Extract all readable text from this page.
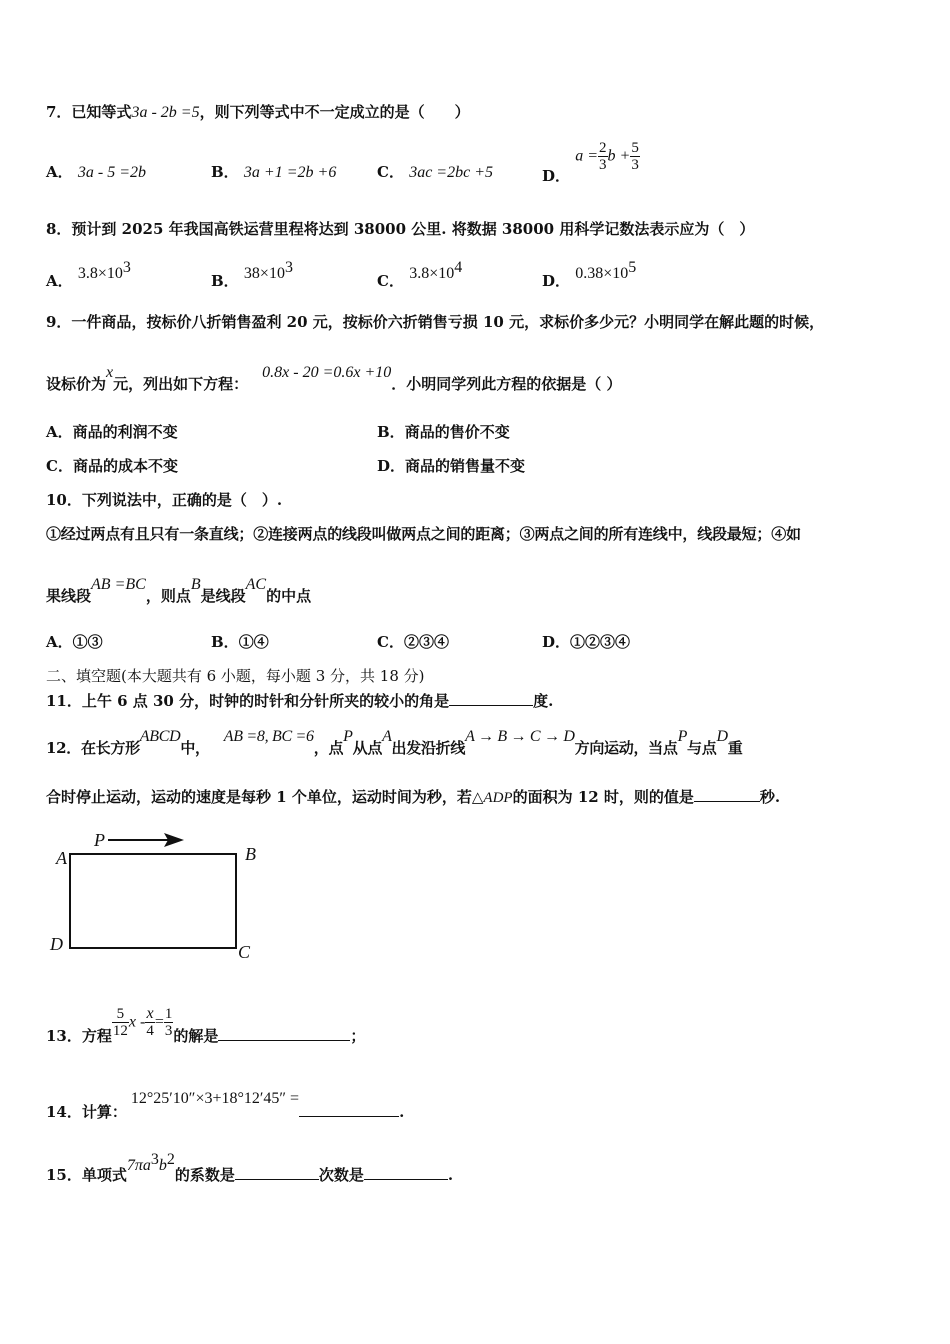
7．已知等式3a - 2b =5，则下列等式中不一定成立的是（　　）
A． 3a - 5 =2b	B． 3a +1 =2b +6	C． 3ac =2bc +5	D． $a = \frac{2}{3}$ $b + \frac{5}{3}$
8．预计到 2025 年我国高铁运营里程将达到 38000 公里. 将数据 38000 用科学记数法表示应为（　）
A． $3.8\times 10^3$
B． $38\times 10^3$
C． $3.8\times 10^4$
D． $0.38\times 10^5$
9．一件商品，按标价八折销售盈利 20 元，按标价六折销售亏损 10 元，求标价多少元？小明同学在解此题的时候，
设标价为x元，列出如下方程：0.8x - 20 =0.6x +10．小明同学列此方程的依据是（ ）
A．商品的利润不变	B．商品的售价不变
C．商品的成本不变	D．商品的销售量不变
10．下列说法中，正确的是（　）.
①经过两点有且只有一条直线；②连接两点的线段叫做两点之间的距离；③两点之间的所有连线中，线段最短；④如
果线段AB =BC，则点B是线段AC的中点
A．①③	B．①④	C．②③④	D．①②③④
二、填空题(本大题共有 6 小题，每小题 3 分，共 18 分)
11．上午 6 点 30 分，时钟的时针和分针所夹的较小的角是	度.
12．在长方形ABCD中，AB =8, BC =6，点P从点A出发沿折线A → B → C → D方向运动，当点P与点D重
合时停止运动，运动的速度是每秒 1 个单位，运动时间为秒，若△ADP的面积为 12 时，则的值是	秒.
P
A	B
C
D
13．方程 $\frac{5}{12}$ $x - \frac{x}{4} = \frac{1}{3}$ 的解是	；
14．计算：12°25′10″×3+18°12′45″ =.
15．单项式$7\pi a^3b^2$的系数是	次数是	.
